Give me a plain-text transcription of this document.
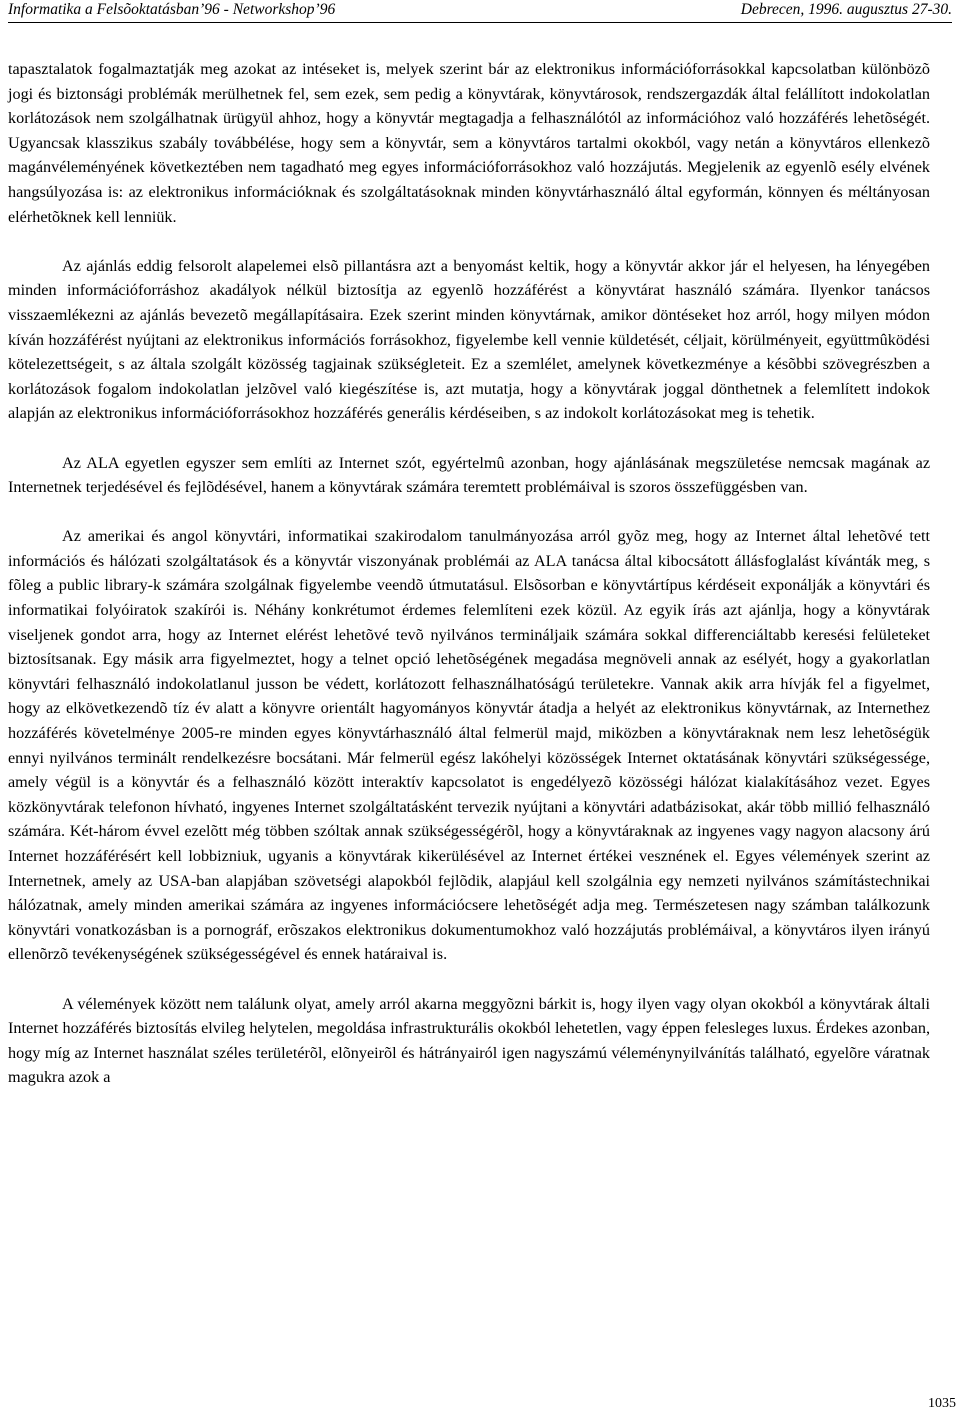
Informatika a Felsõoktatásban’96 - Networkshop’96	Debrecen, 1996. augusztus 27-30.

tapasztalatok fogalmaztatják meg azokat az intéseket is, melyek szerint bár az elektronikus információforrásokkal kapcsolatban különbözõ jogi és biztonsági problémák merülhetnek fel, sem ezek, sem pedig a könyvtárak, könyvtárosok, rendszergazdák által felállított indokolatlan korlátozások nem szolgálhatnak ürügyül ahhoz, hogy a könyvtár megtagadja a felhasználótól az információhoz való hozzáférés lehetõségét. Ugyancsak klasszikus szabály továbbélése, hogy sem a könyvtár, sem a könyvtáros tartalmi okokból, vagy netán a könyvtáros ellenkezõ magánvéleményének következtében nem tagadható meg egyes információforrásokhoz való hozzájutás. Megjelenik az egyenlõ esély elvének hangsúlyozása is: az elektronikus információknak és szolgáltatásoknak minden könyvtárhasználó által egyformán, könnyen és méltányosan elérhetõknek kell lenniük.

Az ajánlás eddig felsorolt alapelemei elsõ pillantásra azt a benyomást keltik, hogy a könyvtár akkor jár el helyesen, ha lényegében minden információforráshoz akadályok nélkül biztosítja az egyenlõ hozzáférést a könyvtárat használó számára. Ilyenkor tanácsos visszaemlékezni az ajánlás bevezetõ megállapításaira. Ezek szerint minden könyvtárnak, amikor döntéseket hoz arról, hogy milyen módon kíván hozzáférést nyújtani az elektronikus információs forrásokhoz, figyelembe kell vennie küldetését, céljait, körülményeit, együttmûködési kötelezettségeit, s az általa szolgált közösség tagjainak szükségleteit. Ez a szemlélet, amelynek következménye a késõbbi szövegrészben a korlátozások fogalom indokolatlan jelzõvel való kiegészítése is, azt mutatja, hogy a könyvtárak joggal dönthetnek a felemlített indokok alapján az elektronikus információforrásokhoz hozzáférés generális kérdéseiben, s az indokolt korlátozásokat meg is tehetik.

Az ALA egyetlen egyszer sem említi az Internet szót, egyértelmû azonban, hogy ajánlásának megszületése nemcsak magának az Internetnek terjedésével és fejlõdésével, hanem a könyvtárak számára teremtett problémáival is szoros összefüggésben van.

Az amerikai és angol könyvtári, informatikai szakirodalom tanulmányozása arról gyõz meg, hogy az Internet által lehetõvé tett információs és hálózati szolgáltatások és a könyvtár viszonyának problémái az ALA tanácsa által kibocsátott állásfoglalást kívánták meg, s fõleg a public library-k számára szolgálnak figyelembe veendõ útmutatásul. Elsõsorban e könyvtártípus kérdéseit exponálják a könyvtári és informatikai folyóiratok szakírói is. Néhány konkrétumot érdemes felemlíteni ezek közül. Az egyik írás azt ajánlja, hogy a könyvtárak viseljenek gondot arra, hogy az Internet elérést lehetõvé tevõ nyilvános termináljaik számára sokkal differenciáltabb keresési felületeket biztosítsanak. Egy másik arra figyelmeztet, hogy a telnet opció lehetõségének megadása megnöveli annak az esélyét, hogy a gyakorlatlan könyvtári felhasználó indokolatlanul jusson be védett, korlátozott felhasználhatóságú területekre. Vannak akik arra hívják fel a figyelmet, hogy az elkövetkezendõ tíz év alatt a könyvre orientált hagyományos könyvtár átadja a helyét az elektronikus könyvtárnak, az Internethez hozzáférés követelménye 2005-re minden egyes könyvtárhasználó által felmerül majd, miközben a könyvtáraknak nem lesz lehetõségük ennyi nyilvános terminált rendelkezésre bocsátani. Már felmerül egész lakóhelyi közösségek Internet oktatásának könyvtári szükségessége, amely végül is a könyvtár és a felhasználó között interaktív kapcsolatot is engedélyezõ közösségi hálózat kialakításához vezet. Egyes közkönyvtárak telefonon hívható, ingyenes Internet szolgáltatásként tervezik nyújtani a könyvtári adatbázisokat, akár több millió felhasználó számára. Két-három évvel ezelõtt még többen szóltak annak szükségességérõl, hogy a könyvtáraknak az ingyenes vagy nagyon alacsony árú Internet hozzáférésért kell lobbizniuk, ugyanis a könyvtárak kikerülésével az Internet értékei vesznének el. Egyes vélemények szerint az Internetnek, amely az USA-ban alapjában szövetségi alapokból fejlõdik, alapjául kell szolgálnia egy nemzeti nyilvános számítástechnikai hálózatnak, amely minden amerikai számára az ingyenes információcsere lehetõségét adja meg. Természetesen nagy számban találkozunk könyvtári vonatkozásban is a pornográf, erõszakos elektronikus dokumentumokhoz való hozzájutás problémáival, a könyvtáros ilyen irányú ellenõrzõ tevékenységének szükségességével és ennek határaival is.

A vélemények között nem találunk olyat, amely arról akarna meggyõzni bárkit is, hogy ilyen vagy olyan okokból a könyvtárak általi Internet hozzáférés biztosítás elvileg helytelen, megoldása infrastrukturális okokból lehetetlen, vagy éppen felesleges luxus. Érdekes azonban, hogy míg az Internet használat széles területérõl, elõnyeirõl és hátrányairól igen nagyszámú véleménynyilvánítás található, egyelõre váratnak magukra azok a

1035
